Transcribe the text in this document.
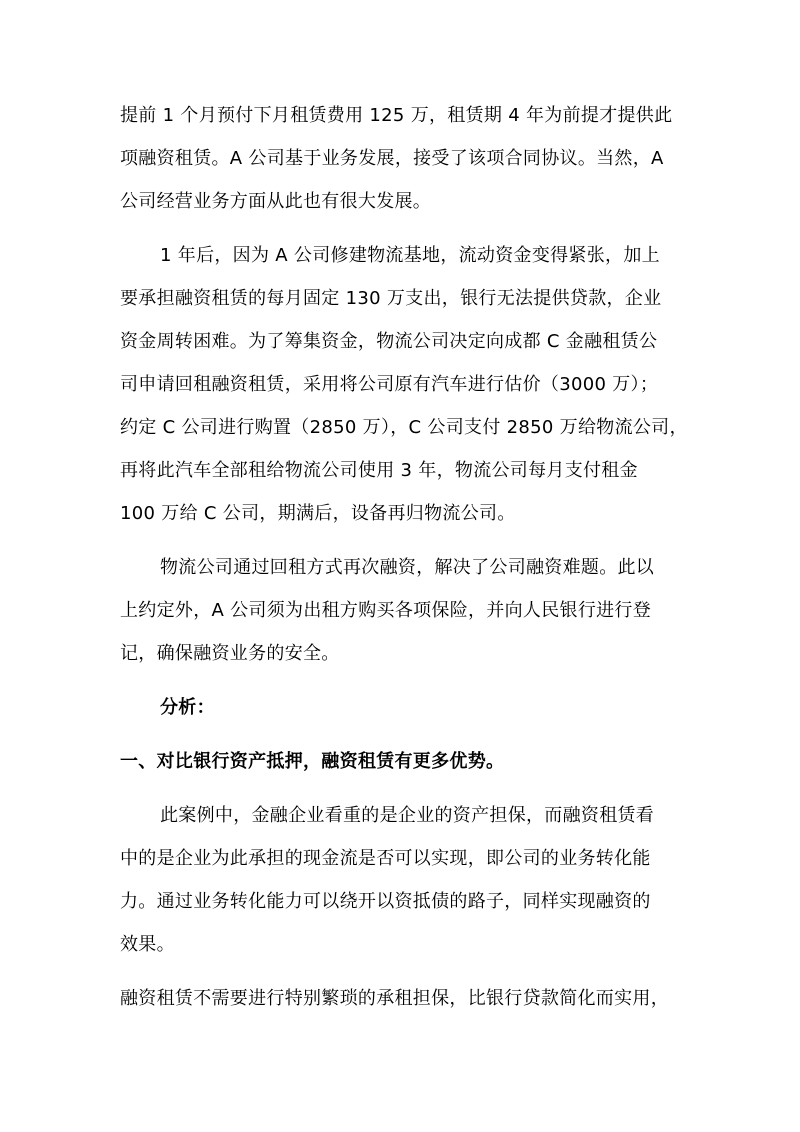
提前 1 个月预付下月租赁费用 125 万，租赁期 4 年为前提才提供此
项融资租赁。A 公司基于业务发展，接受了该项合同协议。当然，A
公司经营业务方面从此也有很大发展。
1 年后，因为 A 公司修建物流基地，流动资金变得紧张，加上
要承担融资租赁的每月固定 130 万支出，银行无法提供贷款，企业
资金周转困难。为了筹集资金，物流公司决定向成都 C 金融租赁公
司申请回租融资租赁，采用将公司原有汽车进行估价（3000 万）；
约定 C 公司进行购置（2850 万），C 公司支付 2850 万给物流公司，
再将此汽车全部租给物流公司使用 3 年，物流公司每月支付租金
100 万给 C 公司，期满后，设备再归物流公司。
物流公司通过回租方式再次融资，解决了公司融资难题。此以
上约定外，A 公司须为出租方购买各项保险，并向人民银行进行登
记，确保融资业务的安全。
分析：
一、对比银行资产抵押，融资租赁有更多优势。
此案例中，金融企业看重的是企业的资产担保，而融资租赁看
中的是企业为此承担的现金流是否可以实现，即公司的业务转化能
力。通过业务转化能力可以绕开以资抵债的路子，同样实现融资的
效果。
融资租赁不需要进行特别繁琐的承租担保，比银行贷款简化而实用，
